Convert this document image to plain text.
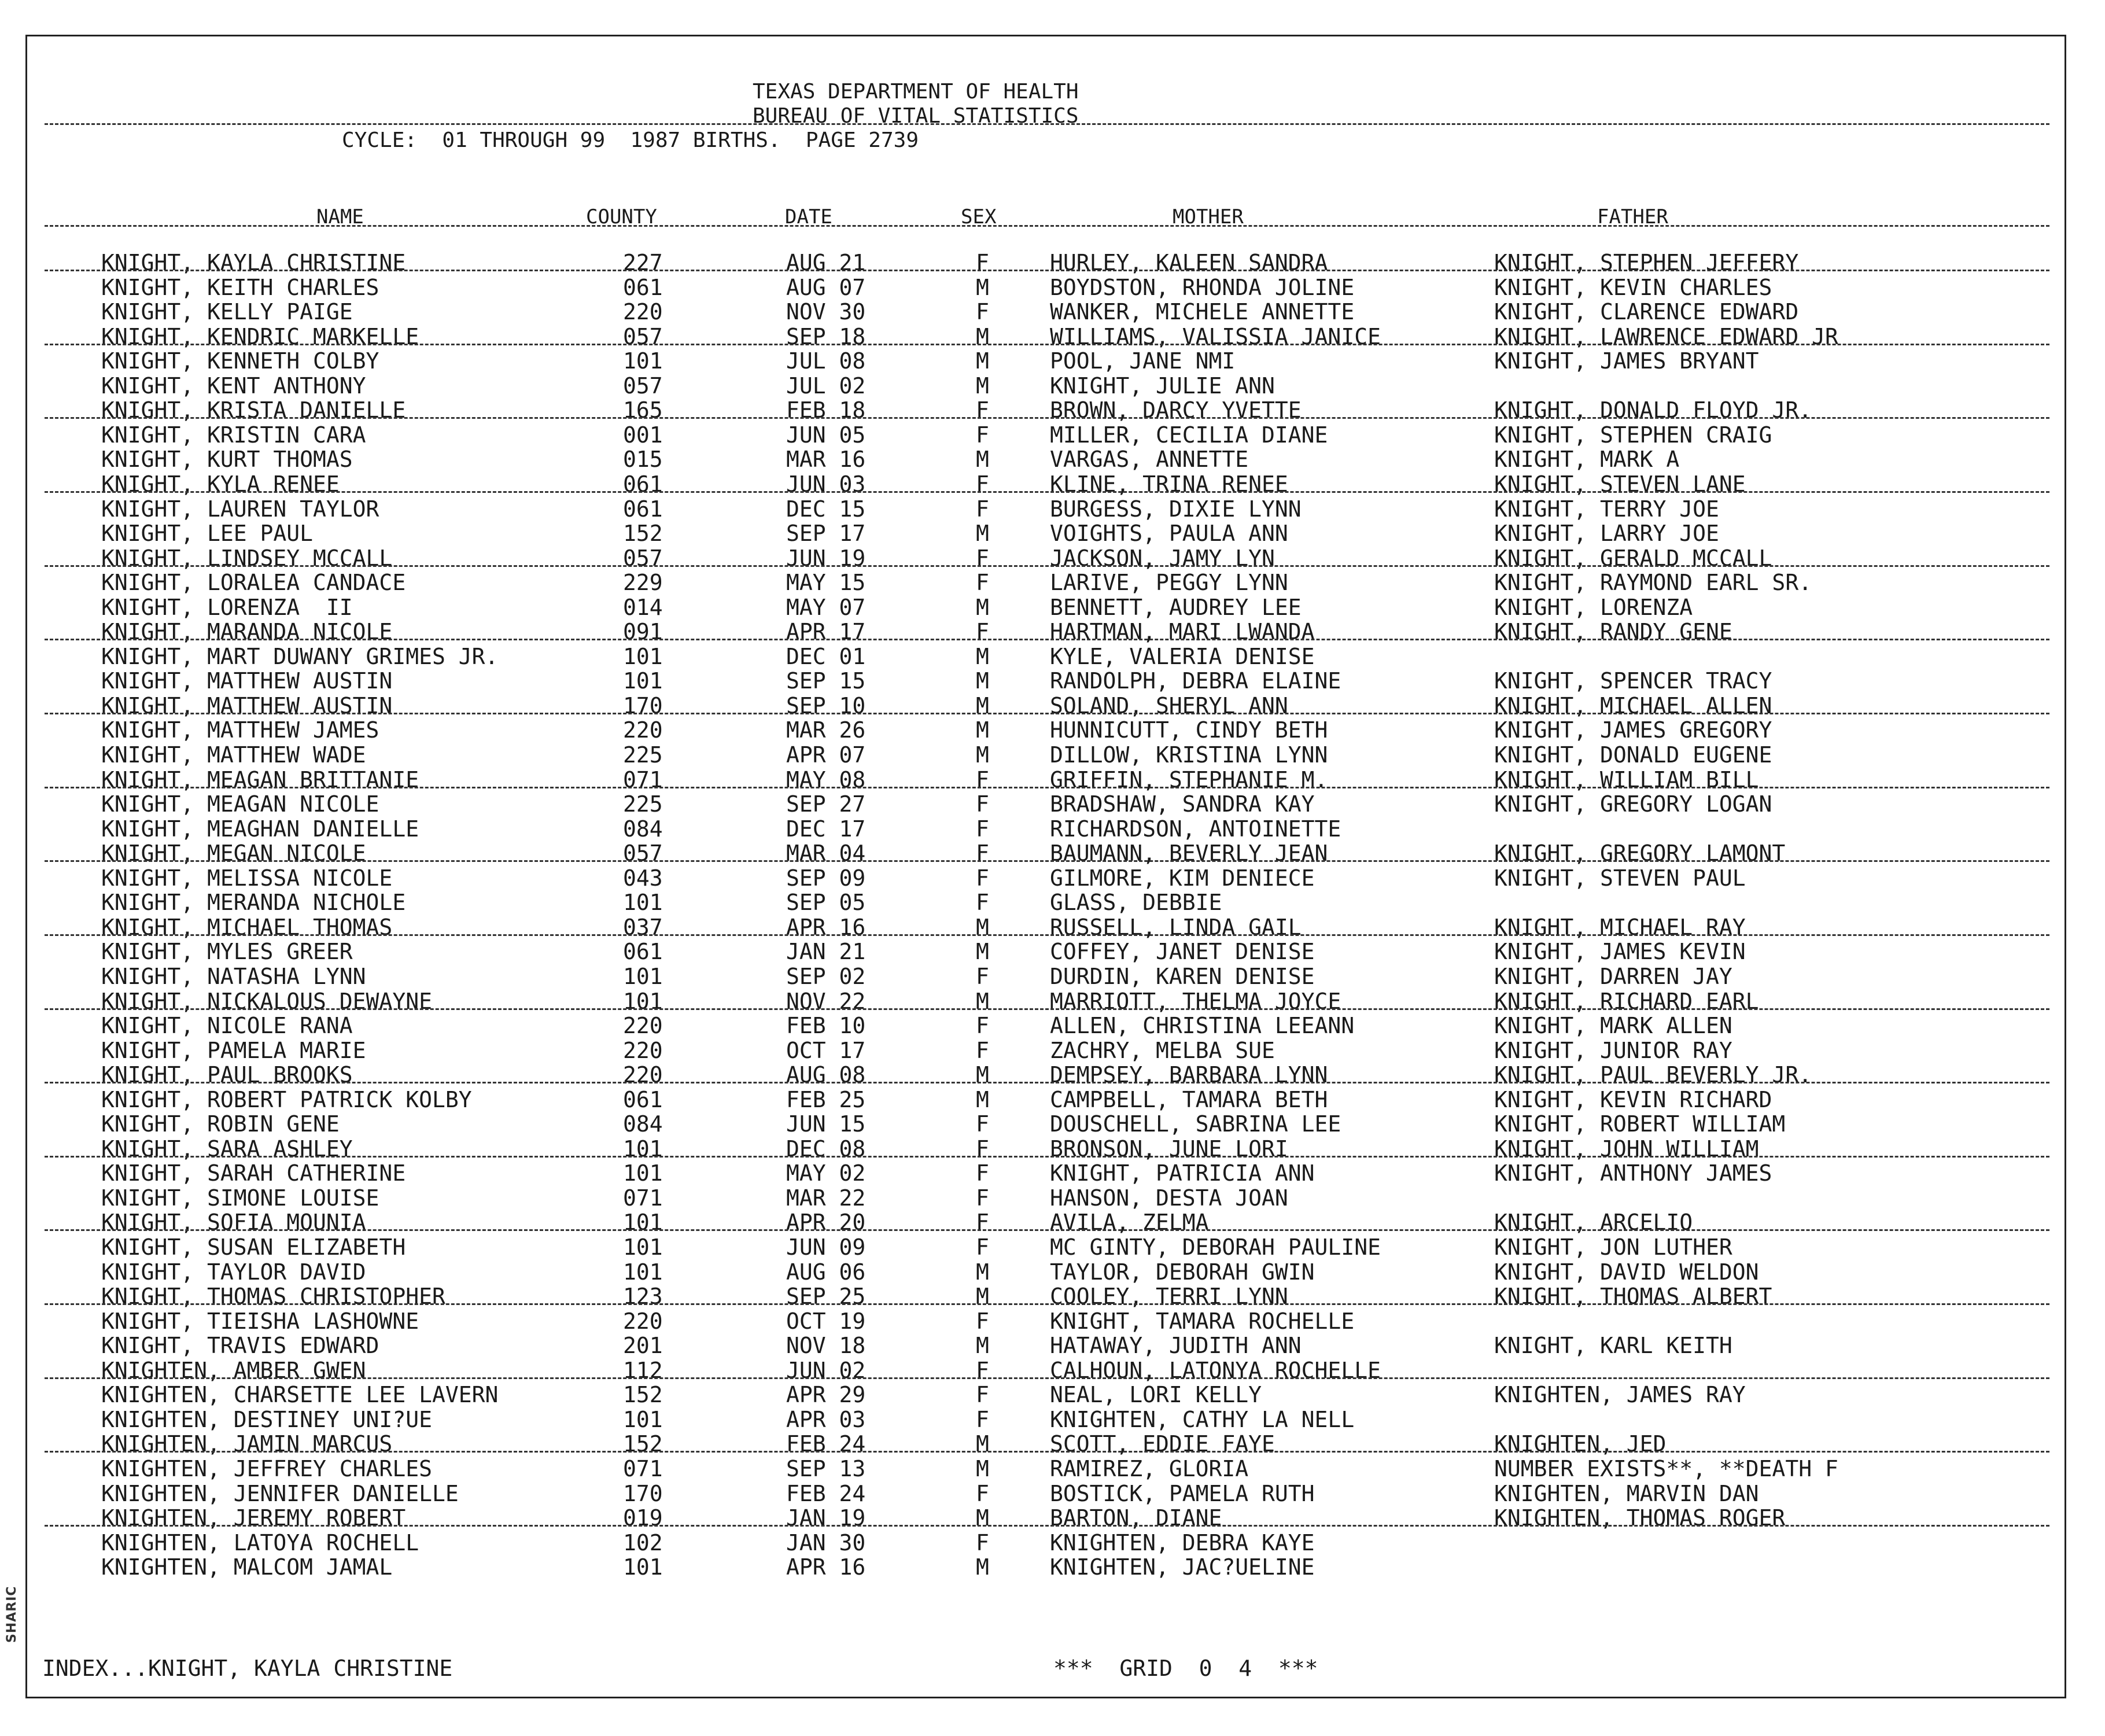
SHARIC
TEXAS DEPARTMENT OF HEALTH
BUREAU OF VITAL STATISTICS
CYCLE:  01 THROUGH 99  1987 BIRTHS.  PAGE 2739
NAME	COUNTY	DATE	SEX	MOTHER	FATHER
KNIGHT, KAYLA CHRISTINE	227	AUG 21	F	HURLEY, KALEEN SANDRA	KNIGHT, STEPHEN JEFFERY
KNIGHT, KEITH CHARLES	061	AUG 07	M	BOYDSTON, RHONDA JOLINE	KNIGHT, KEVIN CHARLES
KNIGHT, KELLY PAIGE	220	NOV 30	F	WANKER, MICHELE ANNETTE	KNIGHT, CLARENCE EDWARD
KNIGHT, KENDRIC MARKELLE	057	SEP 18	M	WILLIAMS, VALISSIA JANICE	KNIGHT, LAWRENCE EDWARD JR
KNIGHT, KENNETH COLBY	101	JUL 08	M	POOL, JANE NMI	KNIGHT, JAMES BRYANT
KNIGHT, KENT ANTHONY	057	JUL 02	M	KNIGHT, JULIE ANN
KNIGHT, KRISTA DANIELLE	165	FEB 18	F	BROWN, DARCY YVETTE	KNIGHT, DONALD FLOYD JR.
KNIGHT, KRISTIN CARA	001	JUN 05	F	MILLER, CECILIA DIANE	KNIGHT, STEPHEN CRAIG
KNIGHT, KURT THOMAS	015	MAR 16	M	VARGAS, ANNETTE	KNIGHT, MARK A
KNIGHT, KYLA RENEE	061	JUN 03	F	KLINE, TRINA RENEE	KNIGHT, STEVEN LANE
KNIGHT, LAUREN TAYLOR	061	DEC 15	F	BURGESS, DIXIE LYNN	KNIGHT, TERRY JOE
KNIGHT, LEE PAUL	152	SEP 17	M	VOIGHTS, PAULA ANN	KNIGHT, LARRY JOE
KNIGHT, LINDSEY MCCALL	057	JUN 19	F	JACKSON, JAMY LYN	KNIGHT, GERALD MCCALL
KNIGHT, LORALEA CANDACE	229	MAY 15	F	LARIVE, PEGGY LYNN	KNIGHT, RAYMOND EARL SR.
KNIGHT, LORENZA  II	014	MAY 07	M	BENNETT, AUDREY LEE	KNIGHT, LORENZA
KNIGHT, MARANDA NICOLE	091	APR 17	F	HARTMAN, MARI LWANDA	KNIGHT, RANDY GENE
KNIGHT, MART DUWANY GRIMES JR.	101	DEC 01	M	KYLE, VALERIA DENISE
KNIGHT, MATTHEW AUSTIN	101	SEP 15	M	RANDOLPH, DEBRA ELAINE	KNIGHT, SPENCER TRACY
KNIGHT, MATTHEW AUSTIN	170	SEP 10	M	SOLAND, SHERYL ANN	KNIGHT, MICHAEL ALLEN
KNIGHT, MATTHEW JAMES	220	MAR 26	M	HUNNICUTT, CINDY BETH	KNIGHT, JAMES GREGORY
KNIGHT, MATTHEW WADE	225	APR 07	M	DILLOW, KRISTINA LYNN	KNIGHT, DONALD EUGENE
KNIGHT, MEAGAN BRITTANIE	071	MAY 08	F	GRIFFIN, STEPHANIE M.	KNIGHT, WILLIAM BILL
KNIGHT, MEAGAN NICOLE	225	SEP 27	F	BRADSHAW, SANDRA KAY	KNIGHT, GREGORY LOGAN
KNIGHT, MEAGHAN DANIELLE	084	DEC 17	F	RICHARDSON, ANTOINETTE
KNIGHT, MEGAN NICOLE	057	MAR 04	F	BAUMANN, BEVERLY JEAN	KNIGHT, GREGORY LAMONT
KNIGHT, MELISSA NICOLE	043	SEP 09	F	GILMORE, KIM DENIECE	KNIGHT, STEVEN PAUL
KNIGHT, MERANDA NICHOLE	101	SEP 05	F	GLASS, DEBBIE
KNIGHT, MICHAEL THOMAS	037	APR 16	M	RUSSELL, LINDA GAIL	KNIGHT, MICHAEL RAY
KNIGHT, MYLES GREER	061	JAN 21	M	COFFEY, JANET DENISE	KNIGHT, JAMES KEVIN
KNIGHT, NATASHA LYNN	101	SEP 02	F	DURDIN, KAREN DENISE	KNIGHT, DARREN JAY
KNIGHT, NICKALOUS DEWAYNE	101	NOV 22	M	MARRIOTT, THELMA JOYCE	KNIGHT, RICHARD EARL
KNIGHT, NICOLE RANA	220	FEB 10	F	ALLEN, CHRISTINA LEEANN	KNIGHT, MARK ALLEN
KNIGHT, PAMELA MARIE	220	OCT 17	F	ZACHRY, MELBA SUE	KNIGHT, JUNIOR RAY
KNIGHT, PAUL BROOKS	220	AUG 08	M	DEMPSEY, BARBARA LYNN	KNIGHT, PAUL BEVERLY JR.
KNIGHT, ROBERT PATRICK KOLBY	061	FEB 25	M	CAMPBELL, TAMARA BETH	KNIGHT, KEVIN RICHARD
KNIGHT, ROBIN GENE	084	JUN 15	F	DOUSCHELL, SABRINA LEE	KNIGHT, ROBERT WILLIAM
KNIGHT, SARA ASHLEY	101	DEC 08	F	BRONSON, JUNE LORI	KNIGHT, JOHN WILLIAM
KNIGHT, SARAH CATHERINE	101	MAY 02	F	KNIGHT, PATRICIA ANN	KNIGHT, ANTHONY JAMES
KNIGHT, SIMONE LOUISE	071	MAR 22	F	HANSON, DESTA JOAN
KNIGHT, SOFIA MOUNIA	101	APR 20	F	AVILA, ZELMA	KNIGHT, ARCELIO
KNIGHT, SUSAN ELIZABETH	101	JUN 09	F	MC GINTY, DEBORAH PAULINE	KNIGHT, JON LUTHER
KNIGHT, TAYLOR DAVID	101	AUG 06	M	TAYLOR, DEBORAH GWIN	KNIGHT, DAVID WELDON
KNIGHT, THOMAS CHRISTOPHER	123	SEP 25	M	COOLEY, TERRI LYNN	KNIGHT, THOMAS ALBERT
KNIGHT, TIEISHA LASHOWNE	220	OCT 19	F	KNIGHT, TAMARA ROCHELLE
KNIGHT, TRAVIS EDWARD	201	NOV 18	M	HATAWAY, JUDITH ANN	KNIGHT, KARL KEITH
KNIGHTEN, AMBER GWEN	112	JUN 02	F	CALHOUN, LATONYA ROCHELLE
KNIGHTEN, CHARSETTE LEE LAVERN	152	APR 29	F	NEAL, LORI KELLY	KNIGHTEN, JAMES RAY
KNIGHTEN, DESTINEY UNI?UE	101	APR 03	F	KNIGHTEN, CATHY LA NELL
KNIGHTEN, JAMIN MARCUS	152	FEB 24	M	SCOTT, EDDIE FAYE	KNIGHTEN, JED
KNIGHTEN, JEFFREY CHARLES	071	SEP 13	M	RAMIREZ, GLORIA	NUMBER EXISTS**, **DEATH F
KNIGHTEN, JENNIFER DANIELLE	170	FEB 24	F	BOSTICK, PAMELA RUTH	KNIGHTEN, MARVIN DAN
KNIGHTEN, JEREMY ROBERT	019	JAN 19	M	BARTON, DIANE	KNIGHTEN, THOMAS ROGER
KNIGHTEN, LATOYA ROCHELL	102	JAN 30	F	KNIGHTEN, DEBRA KAYE
KNIGHTEN, MALCOM JAMAL	101	APR 16	M	KNIGHTEN, JAC?UELINE
INDEX...KNIGHT, KAYLA CHRISTINE	***  GRID  0  4  ***
